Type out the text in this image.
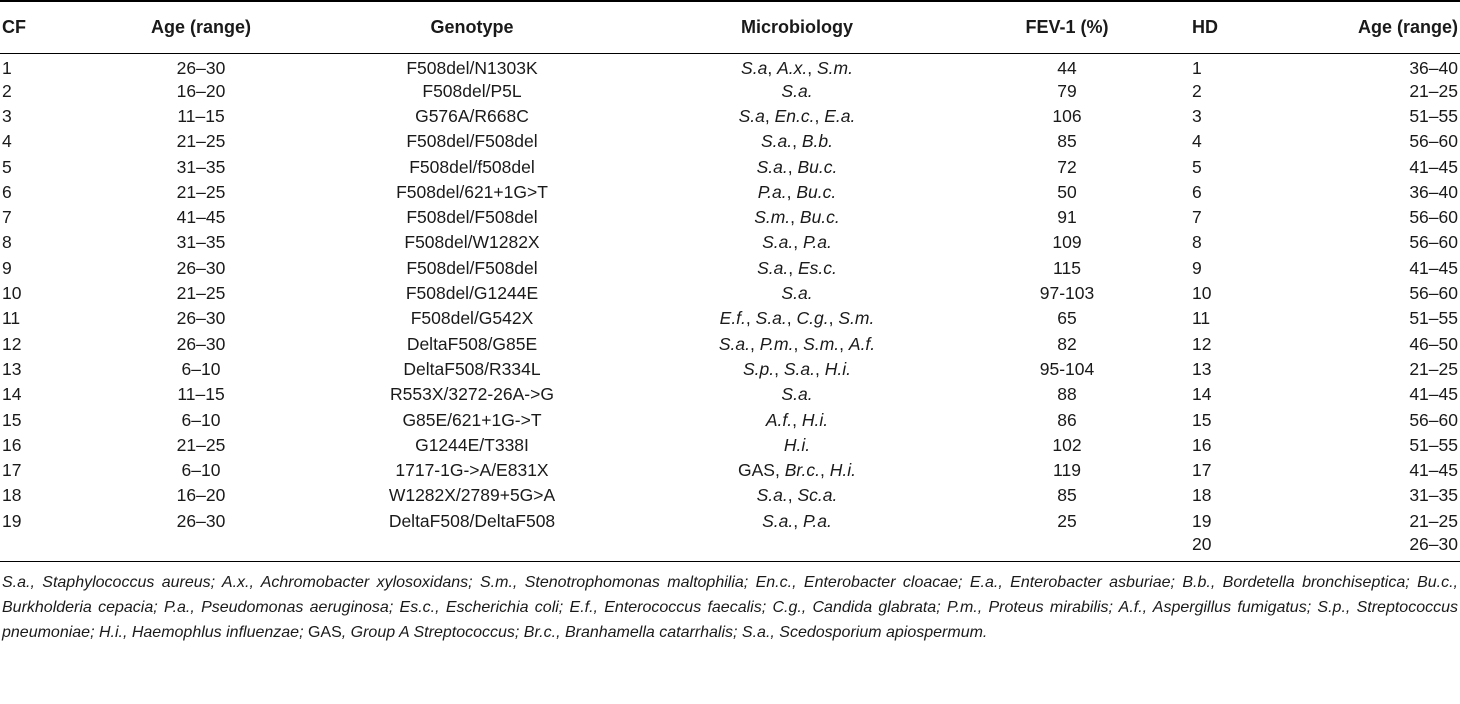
CF	Age (range)	Genotype	Microbiology	FEV-1 (%)	HD	Age (range)
1	26–30	F508del/N1303K	S.a, A.x., S.m.	44	1	36–40
2	16–20	F508del/P5L	S.a.	79	2	21–25
3	11–15	G576A/R668C	S.a, En.c., E.a.	106	3	51–55
4	21–25	F508del/F508del	S.a., B.b.	85	4	56–60
5	31–35	F508del/f508del	S.a., Bu.c.	72	5	41–45
6	21–25	F508del/621+1G>T	P.a., Bu.c.	50	6	36–40
7	41–45	F508del/F508del	S.m., Bu.c.	91	7	56–60
8	31–35	F508del/W1282X	S.a., P.a.	109	8	56–60
9	26–30	F508del/F508del	S.a., Es.c.	115	9	41–45
10	21–25	F508del/G1244E	S.a.	97-103	10	56–60
11	26–30	F508del/G542X	E.f., S.a., C.g., S.m.	65	11	51–55
12	26–30	DeltaF508/G85E	S.a., P.m., S.m., A.f.	82	12	46–50
13	6–10	DeltaF508/R334L	S.p., S.a., H.i.	95-104	13	21–25
14	11–15	R553X/3272-26A->G	S.a.	88	14	41–45
15	6–10	G85E/621+1G->T	A.f., H.i.	86	15	56–60
16	21–25	G1244E/T338I	H.i.	102	16	51–55
17	6–10	1717-1G->A/E831X	GAS, Br.c., H.i.	119	17	41–45
18	16–20	W1282X/2789+5G>A	S.a., Sc.a.	85	18	31–35
19	26–30	DeltaF508/DeltaF508	S.a., P.a.	25	19	21–25
					20	26–30

S.a., Staphylococcus aureus; A.x., Achromobacter xylosoxidans; S.m., Stenotrophomonas maltophilia; En.c., Enterobacter cloacae; E.a., Enterobacter asburiae; B.b., Bordetella bronchiseptica; Bu.c., Burkholderia cepacia; P.a., Pseudomonas aeruginosa; Es.c., Escherichia coli; E.f., Enterococcus faecalis; C.g., Candida glabrata; P.m., Proteus mirabilis; A.f., Aspergillus fumigatus; S.p., Streptococcus pneumoniae; H.i., Haemophlus influenzae; GAS, Group A Streptococcus; Br.c., Branhamella catarrhalis; S.a., Scedosporium apiospermum.
